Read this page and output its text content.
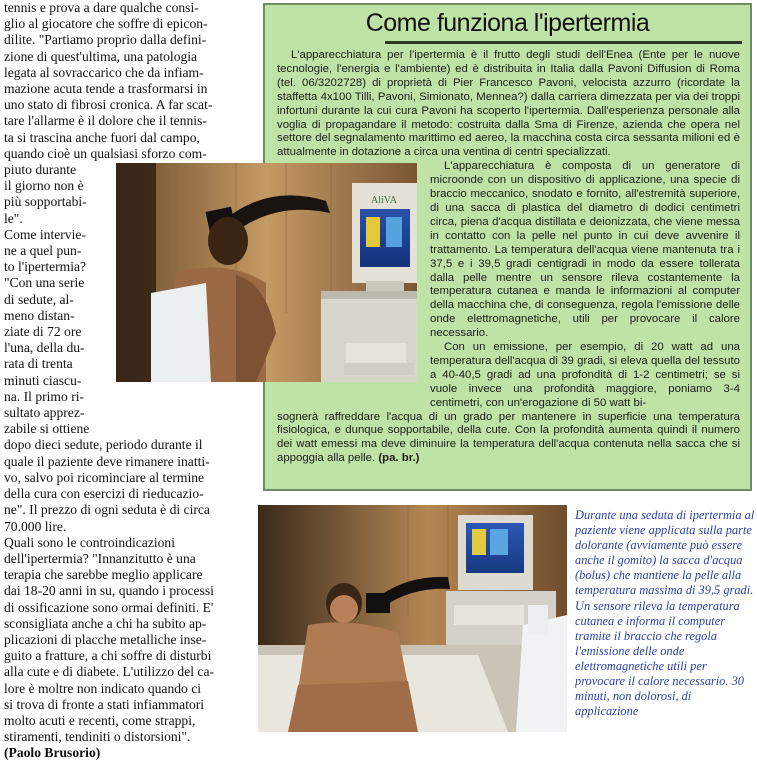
tennis e prova a dare qualche consi-
glio al giocatore che soffre di epicon-
dilite. "Partiamo proprio dalla defini-
zione di quest'ultima, una patologia
legata al sovraccarico che da infiam-
mazione acuta tende a trasformarsi in
uno stato di fibrosi cronica. A far scat-
tare l'allarme è il dolore che il tennis-
ta si trascina anche fuori dal campo,
quando cioè un qualsiasi sforzo com-
piuto durante
il giorno non è
più sopportabi-
le".
Come intervie-
ne a quel pun-
to l'ipertermia?
"Con una serie
di sedute, al-
meno distan-
ziate di 72 ore
l'una, della du-
rata di trenta
minuti ciascu-
na. Il primo ri-
sultato apprez-
zabile si ottiene
dopo dieci sedute, periodo durante il
quale il paziente deve rimanere inatti-
vo, salvo poi ricominciare al termine
della cura con esercizi di rieducazio-
ne". Il prezzo di ogni seduta è di circa
70.000 lire.
Quali sono le controindicazioni
dell'ipertermia? "Innanzitutto è una
terapia che sarebbe meglio applicare
dai 18-20 anni in su, quando i processi
di ossificazione sono ormai definiti. E'
sconsigliata anche a chi ha subito ap-
plicazioni di placche metalliche inse-
guito a fratture, a chi soffre di disturbi
alla cute e di diabete. L'utilizzo del ca-
lore è moltre non indicato quando ci
si trova di fronte a stati infiammatori
molto acuti e recenti, come strappi,
stiramenti, tendiniti o distorsioni".

(Paolo Brusorio)

Come funziona l'ipertermia

L'apparecchiatura per l'ipertermia è il frutto degli studi dell'Enea (Ente per le nuove tecnologie, l'energia e l'ambiente) ed è distribuita in Italia dalla Pavoni Diffusion di Roma (tel. 06/3202728) di proprietà di Pier Francesco Pavoni, velocista azzurro (ricordate la staffetta 4x100 Tilli, Pavoni, Simionato, Mennea?) dalla carriera dimezzata per via dei troppi infortuni durante la cui cura Pavoni ha scoperto l'ipertermia. Dall'esperienza personale alla voglia di propagandare il metodo: costruita dalla Sma di Firenze, azienda che opera nel settore del segnalamento marittimo ed aereo, la macchina costa circa sessanta milioni ed è attualmente in dotazione a circa una ventina di centri specializzati.

L'apparecchiatura è composta di un generatore di microonde con un dispositivo di applicazione, una specie di braccio meccanico, snodato e fornito, all'estremità superiore, di una sacca di plastica del diametro di dodici centimetri circa, piena d'acqua distillata e deionizzata, che viene messa in contatto con la pelle nel punto in cui deve avvenire il trattamento. La temperatura dell'acqua viene mantenuta tra i 37,5 e i 39,5 gradi centigradi in modo da essere tollerata dalla pelle mentre un sensore rileva costantemente la temperatura cutanea e manda le informazioni al computer della macchina che, di conseguenza, regola l'emissione delle onde elettromagnetiche, utili per provocare il calore necessario.

Con un emissione, per esempio, di 20 watt ad una temperatura dell'acqua di 39 gradi, si eleva quella del tessuto a 40-40,5 gradi ad una profondità di 1-2 centimetri; se si vuole invece una profondità maggiore, poniamo 3-4 centimetri, con un'erogazione di 50 watt bi-

sognerà raffreddare l'acqua di un grado per mantenere in superficie una temperatura fisiologica, e dunque sopportabile, della cute. Con la profondità aumenta quindi il numero dei watt emessi ma deve diminuire la temperatura dell'acqua contenuta nella sacca che si appoggia alla pelle. (pa. br.)

AliVA
Durante una seduta di ipertermia al paziente viene applicata sulla parte dolorante (avviamente può essere anche il gomito) la sacca d'acqua (bolus) che mantiene la pelle alla temperatura massima di 39,5 gradi. Un sensore rileva la temperatura cutanea e informa il computer tramite il braccio che regola l'emissione delle onde elettromagnetiche utili per provocare il calore necessario. 30 minuti, non dolorosi, di applicazione
